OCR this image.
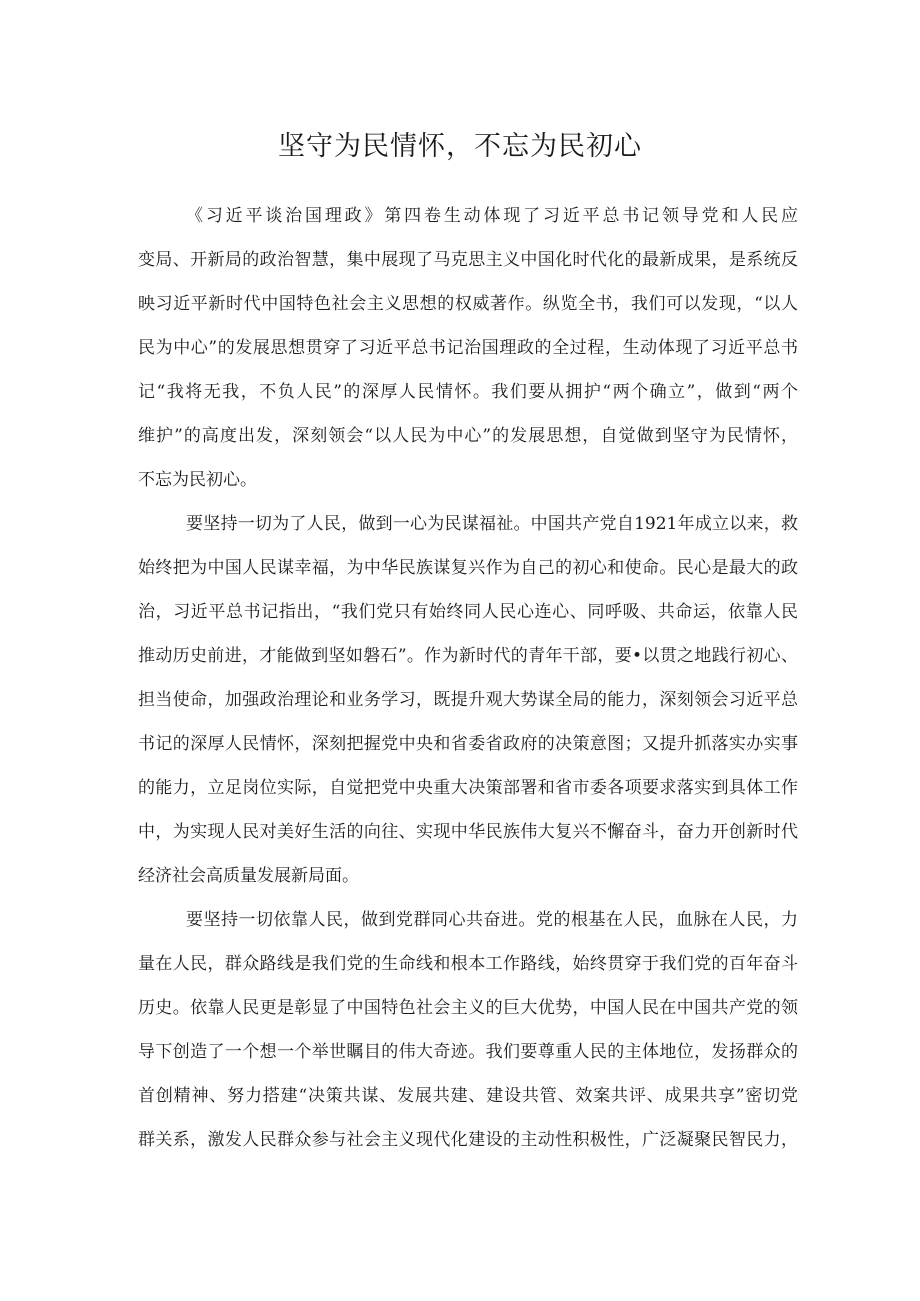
坚守为民情怀，不忘为民初心
《习近平谈治国理政》第四卷生动体现了习近平总书记领导党和人民应
变局、开新局的政治智慧，集中展现了马克思主义中国化时代化的最新成果，是系统反
映习近平新时代中国特色社会主义思想的权威著作。纵览全书，我们可以发现，“以人
民为中心”的发展思想贯穿了习近平总书记治国理政的全过程，生动体现了习近平总书
记“我将无我，不负人民”的深厚人民情怀。我们要从拥护“两个确立”，做到“两个
维护”的高度出发，深刻领会“以人民为中心”的发展思想，自觉做到坚守为民情怀，
不忘为民初心。
要坚持一切为了人民，做到一心为民谋福祉。中国共产党自1921年成立以来，救
始终把为中国人民谋幸福，为中华民族谋复兴作为自己的初心和使命。民心是最大的政
治，习近平总书记指出，“我们党只有始终同人民心连心、同呼吸、共命运，依靠人民
推动历史前进，才能做到坚如磐石”。作为新时代的青年干部，要•以贯之地践行初心、
担当使命，加强政治理论和业务学习，既提升观大势谋全局的能力，深刻领会习近平总
书记的深厚人民情怀，深刻把握党中央和省委省政府的决策意图；又提升抓落实办实事
的能力，立足岗位实际，自觉把党中央重大决策部署和省市委各项要求落实到具体工作
中，为实现人民对美好生活的向往、实现中华民族伟大复兴不懈奋斗，奋力开创新时代
经济社会高质量发展新局面。
要坚持一切依靠人民，做到党群同心共奋进。党的根基在人民，血脉在人民，力
量在人民，群众路线是我们党的生命线和根本工作路线，始终贯穿于我们党的百年奋斗
历史。依靠人民更是彰显了中国特色社会主义的巨大优势，中国人民在中国共产党的领
导下创造了一个想一个举世瞩目的伟大奇迹。我们要尊重人民的主体地位，发扬群众的
首创精神、努力搭建“决策共谋、发展共建、建设共管、效案共评、成果共享”密切党
群关系，激发人民群众参与社会主义现代化建设的主动性积极性，广泛凝聚民智民力，
